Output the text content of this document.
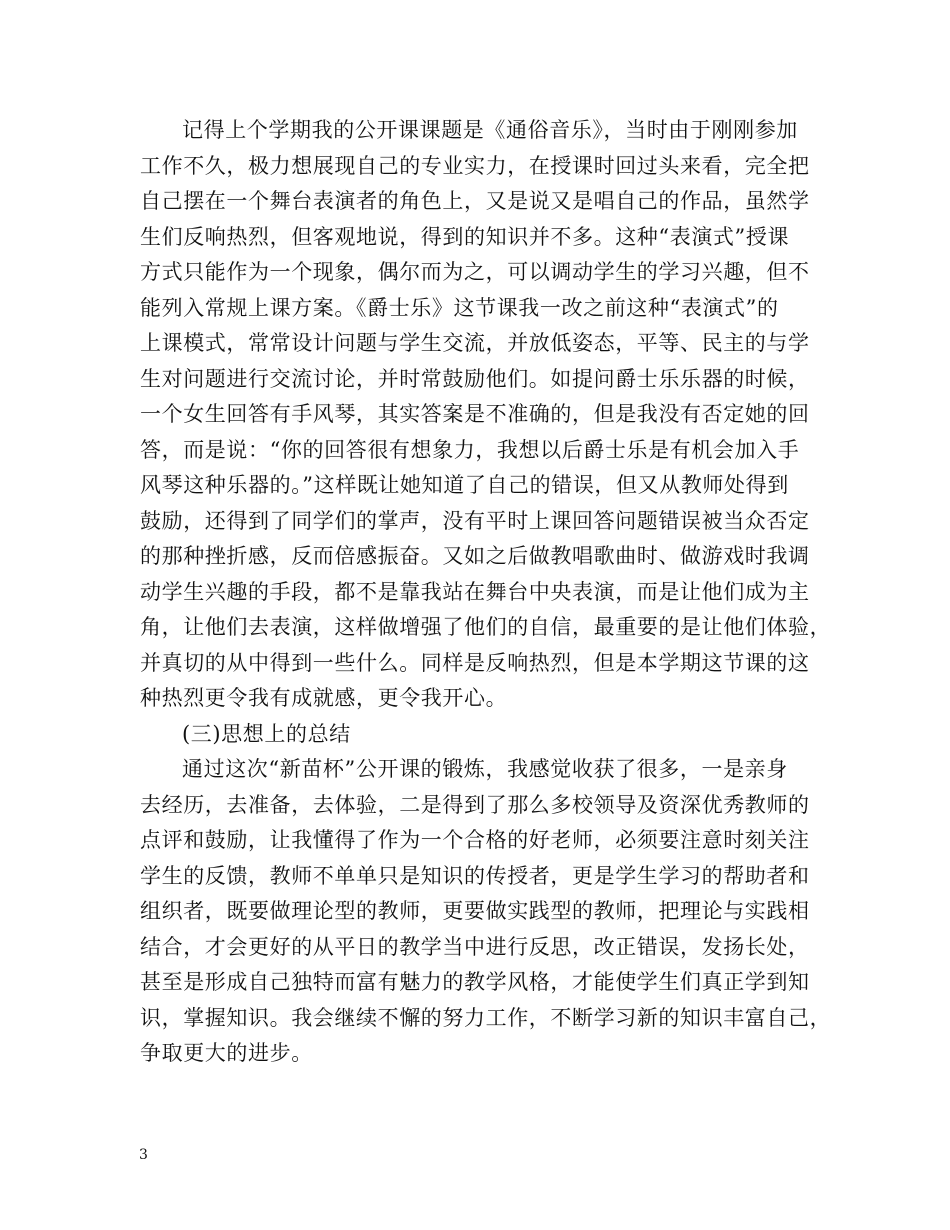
记得上个学期我的公开课课题是《通俗音乐》，当时由于刚刚参加
工作不久，极力想展现自己的专业实力，在授课时回过头来看，完全把
自己摆在一个舞台表演者的角色上，又是说又是唱自己的作品，虽然学
生们反响热烈，但客观地说，得到的知识并不多。这种“表演式”授课
方式只能作为一个现象，偶尔而为之，可以调动学生的学习兴趣，但不
能列入常规上课方案。《爵士乐》这节课我一改之前这种“表演式”的
上课模式，常常设计问题与学生交流，并放低姿态，平等、民主的与学
生对问题进行交流讨论，并时常鼓励他们。如提问爵士乐乐器的时候，
一个女生回答有手风琴，其实答案是不准确的，但是我没有否定她的回
答，而是说：“你的回答很有想象力，我想以后爵士乐是有机会加入手
风琴这种乐器的。”这样既让她知道了自己的错误，但又从教师处得到
鼓励，还得到了同学们的掌声，没有平时上课回答问题错误被当众否定
的那种挫折感，反而倍感振奋。又如之后做教唱歌曲时、做游戏时我调
动学生兴趣的手段，都不是靠我站在舞台中央表演，而是让他们成为主
角，让他们去表演，这样做增强了他们的自信，最重要的是让他们体验，
并真切的从中得到一些什么。同样是反响热烈，但是本学期这节课的这
种热烈更令我有成就感，更令我开心。
(三)思想上的总结
通过这次“新苗杯”公开课的锻炼，我感觉收获了很多，一是亲身
去经历，去准备，去体验，二是得到了那么多校领导及资深优秀教师的
点评和鼓励，让我懂得了作为一个合格的好老师，必须要注意时刻关注
学生的反馈，教师不单单只是知识的传授者，更是学生学习的帮助者和
组织者，既要做理论型的教师，更要做实践型的教师，把理论与实践相
结合，才会更好的从平日的教学当中进行反思，改正错误，发扬长处，
甚至是形成自己独特而富有魅力的教学风格，才能使学生们真正学到知
识，掌握知识。我会继续不懈的努力工作，不断学习新的知识丰富自己，
争取更大的进步。
3
